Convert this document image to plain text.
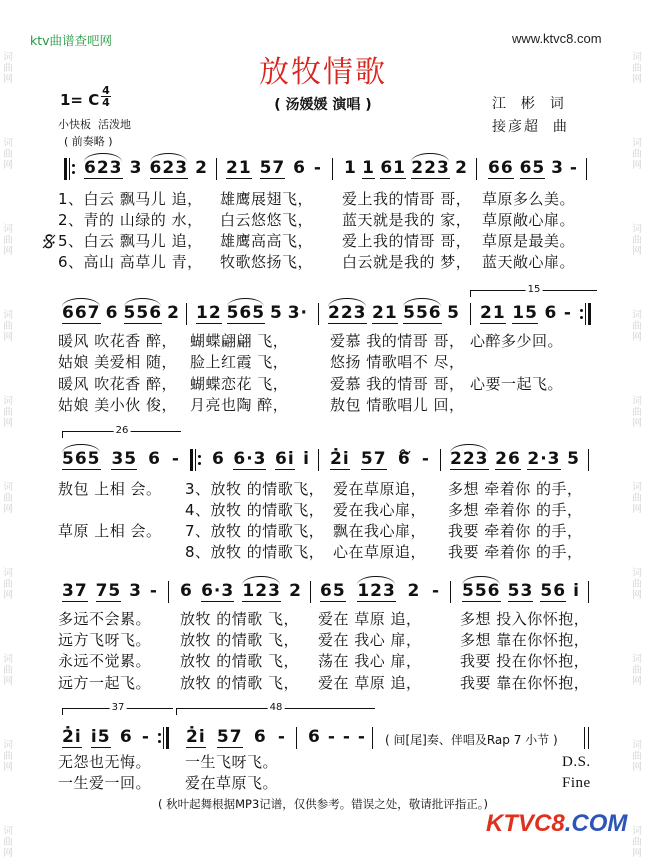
ktv曲谱查吧网	www.ktvc8.com
放牧情歌
1= C
4
4	( 汤媛媛 演唱 )	江  彬  词
接彦超  曲
小快板  活泼地
( 前奏略 )
( 秋叶起舞根据MP3记谱，仅供参考。错误之处，敬请批评指正。)
KTVC8.COM
词曲网
词曲网
词曲网
词曲网
词曲网
词曲网
词曲网
词曲网
词曲网
词曲网
词曲网
词曲网
词曲网
词曲网
词曲网
词曲网
词曲网
词曲网
词曲网
词曲网
623 3 623 2 21 57 6 - 1 1 61 223 2 66 65 3 -
1、白云 飘马儿 追， 雄鹰展翅飞， 爱上我的情哥 哥， 草原多么美。
2、青的 山绿的 水， 白云悠悠飞， 蓝天就是我的 家， 草原敞心扉。
5、白云 飘马儿 追， 雄鹰高高飞， 爱上我的情哥 哥， 草原是最美。
6、高山 高草儿 青， 牧歌悠扬飞， 白云就是我的 梦， 蓝天敞心扉。
667 6 556 2 12 565 5 3· 223 21 556 5 21 15 6 -
15
暖风 吹花香 醉， 蝴蝶翩翩 飞，	爱慕 我的情哥 哥， 心醉多少回。
姑娘 美爱相 随， 脸上红霞 飞，	悠扬 情歌唱不 尽，
暖风 吹花香 醉， 蝴蝶恋花 飞，	爱慕 我的情哥 哥， 心要一起飞。
姑娘 美小伙 俊， 月亮也陶 醉，	敖包 情歌唱儿 回，
565 35 6 - 6 6·3 6i i 2̇i 57 6 - 223 26 2·3 5
26
敖包 上相 会。 3、放牧 的情歌飞， 爱在草原追， 多想 牵着你 的手，
4、放牧 的情歌飞， 爱在我心扉， 多想 牵着你 的手，
草原 上相 会。 7、放牧 的情歌飞， 飘在我心扉， 我要 牵着你 的手，
8、放牧 的情歌飞， 心在草原追， 我要 牵着你 的手，
37 75 3 - 6 6·3 123 2 65 123 2 - 556 53 56 i
多远不会累。 放牧 的情歌 飞， 爱在 草原 追，	多想 投入你怀抱，
远方飞呀飞。 放牧 的情歌 飞， 爱在 我心 扉，	多想 靠在你怀抱，
永远不觉累。 放牧 的情歌 飞， 荡在 我心 扉，	我要 投在你怀抱，
远方一起飞。 放牧 的情歌 飞， 爱在 草原 追，	我要 靠在你怀抱，
2̇i i5 6 - 2̇i 57 6 - 6 - - -
37	48
无怨也无悔。 一生飞呀飞。	D.S.
一生爱一回。 爱在草原飞。	Fine
( 间[尾]奏、伴唱及Rap 7 小节 )
